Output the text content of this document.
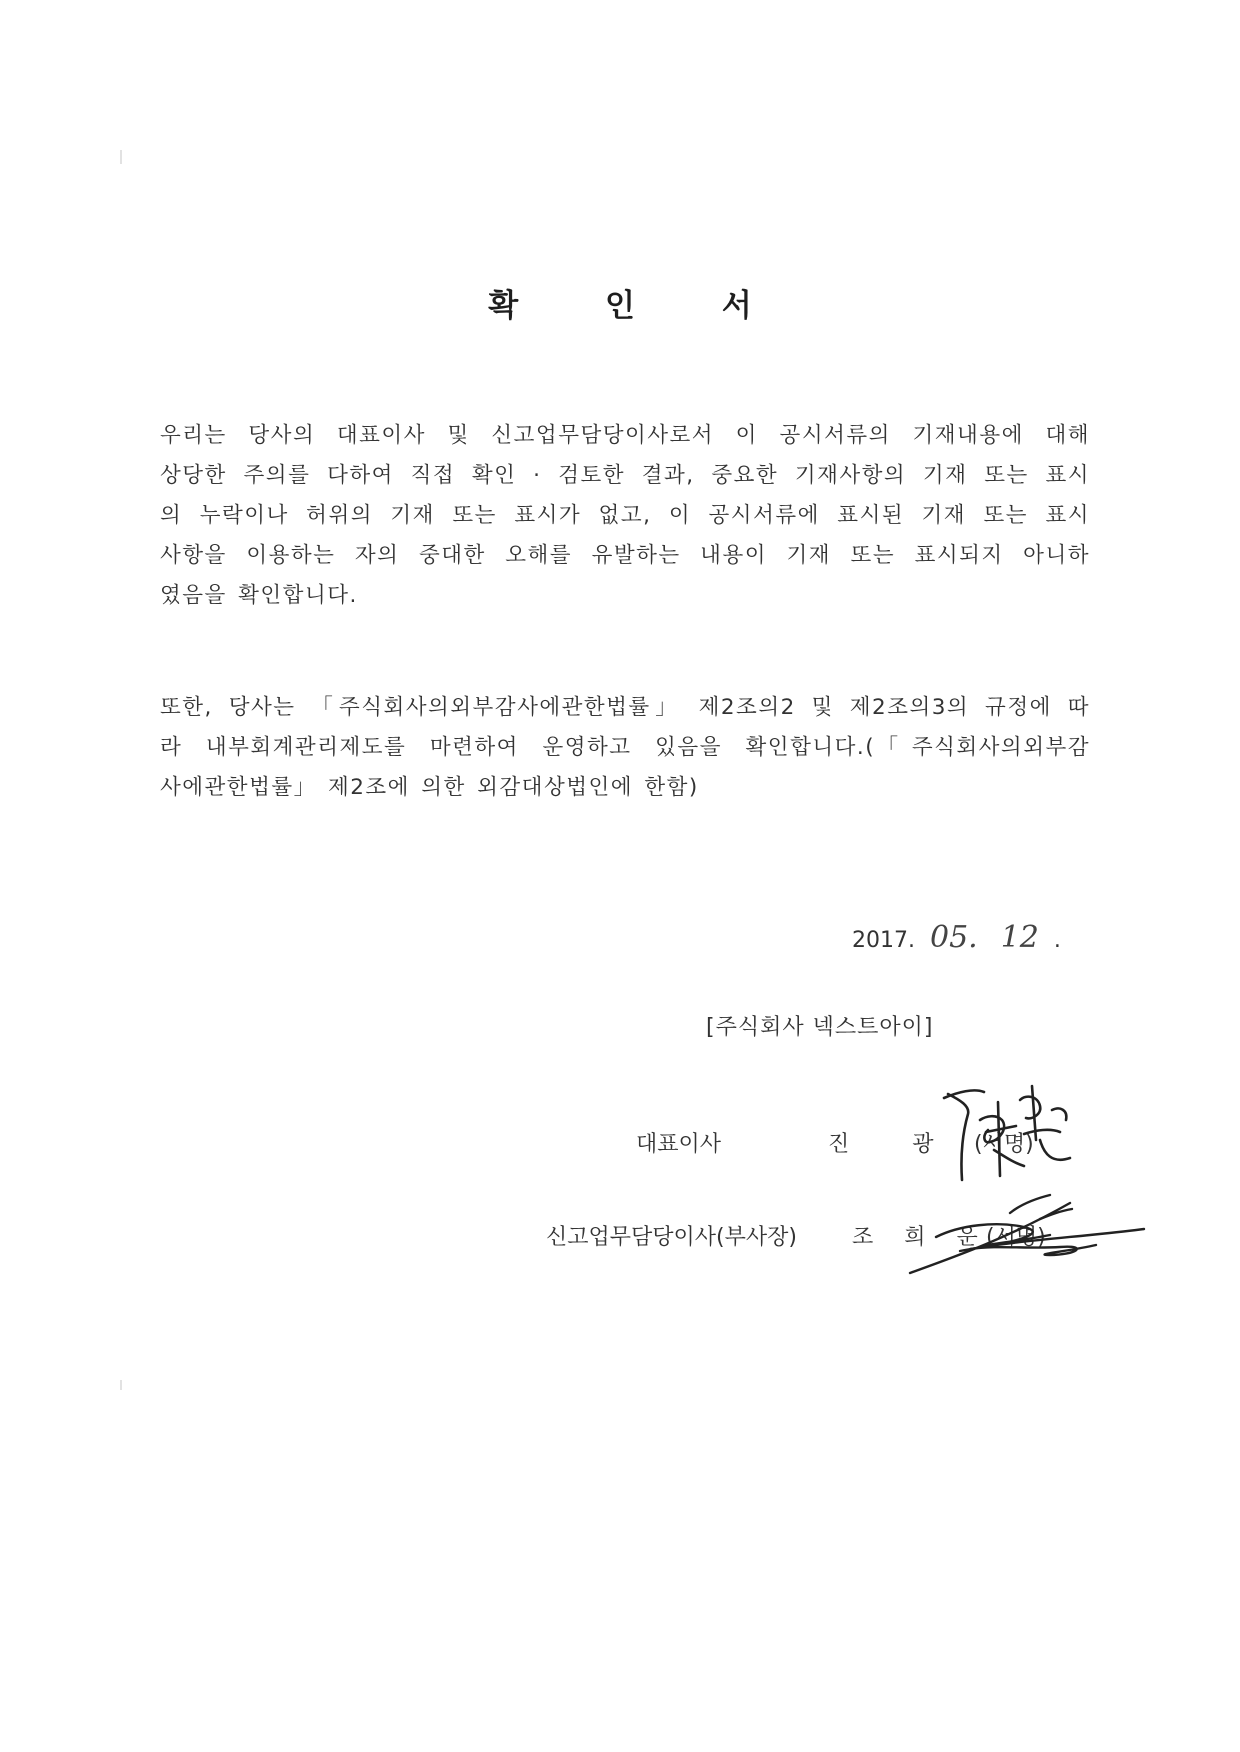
확 인 서
우리는 당사의 대표이사 및 신고업무담당이사로서 이 공시서류의 기재내용에 대해
상당한 주의를 다하여 직접 확인 · 검토한 결과, 중요한 기재사항의 기재 또는 표시
의 누락이나 허위의 기재 또는 표시가 없고, 이 공시서류에 표시된 기재 또는 표시
사항을 이용하는 자의 중대한 오해를 유발하는 내용이 기재 또는 표시되지 아니하
였음을 확인합니다.
또한, 당사는 「주식회사의외부감사에관한법률」 제2조의2 및 제2조의3의 규정에 따
라 내부회계관리제도를 마련하여 운영하고 있음을 확인합니다.(「주식회사의외부감
사에관한법률」 제2조에 의한 외감대상법인에 한함)
2017. 05. 12 .
[주식회사 넥스트아이]
대표이사	진 광 (서명)
신고업무담당이사(부사장)	조 희 운
(서명)
